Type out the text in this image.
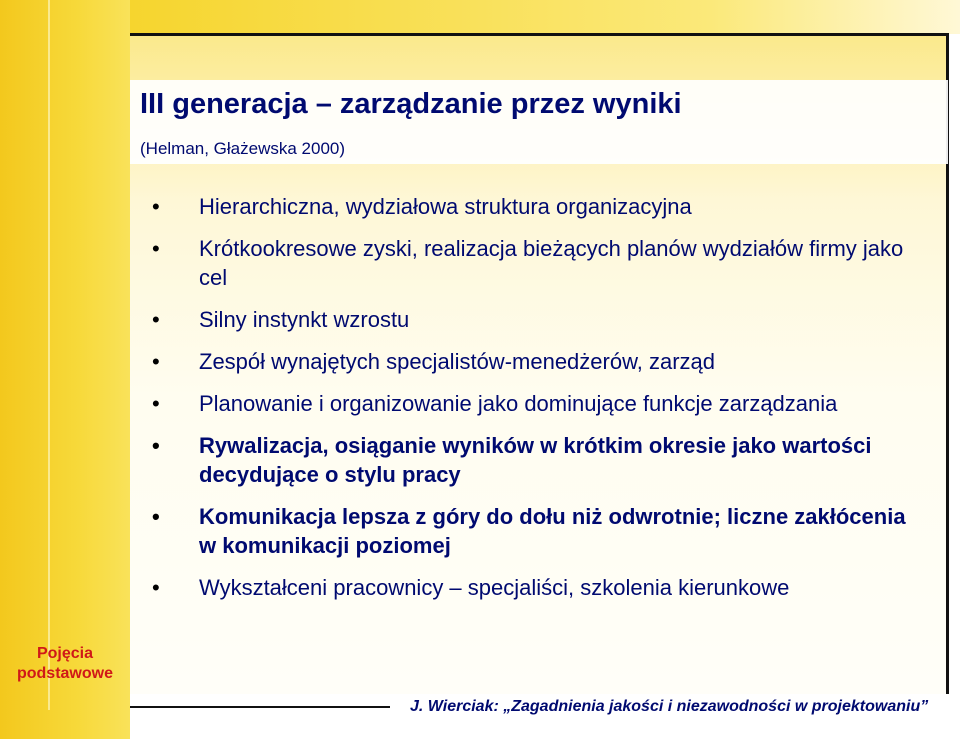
III generacja – zarządzanie przez wyniki
(Helman, Głażewska 2000)
• Hierarchiczna, wydziałowa struktura organizacyjna
• Krótkookresowe zyski, realizacja bieżących planów wydziałów firmy jako cel
• Silny instynkt wzrostu
• Zespół wynajętych specjalistów-menedżerów, zarząd
• Planowanie i organizowanie jako dominujące funkcje zarządzania
• Rywalizacja, osiąganie wyników w krótkim okresie jako wartości decydujące o stylu pracy
• Komunikacja lepsza z góry do dołu niż odwrotnie; liczne zakłócenia w komunikacji poziomej
• Wykształceni pracownicy – specjaliści, szkolenia kierunkowe
Pojęcia
podstawowe
J. Wierciak: „Zagadnienia jakości i niezawodności w projektowaniu”
